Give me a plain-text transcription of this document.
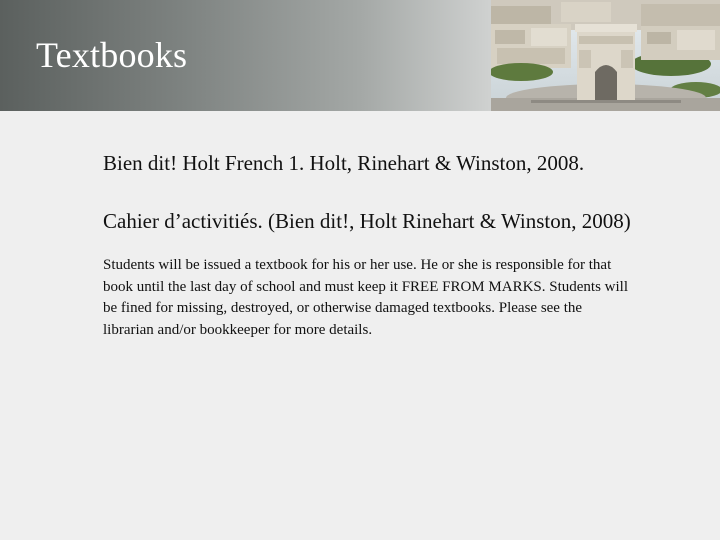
Textbooks

Bien dit! Holt French 1. Holt, Rinehart & Winston, 2008.

Cahier d’activitiés. (Bien dit!, Holt Rinehart & Winston, 2008)

Students will be issued a textbook for his or her use. He or she is responsible for that book until the last day of school and must keep it FREE FROM MARKS. Students will be fined for missing, destroyed, or otherwise damaged textbooks. Please see the librarian and/or bookkeeper for more details.
